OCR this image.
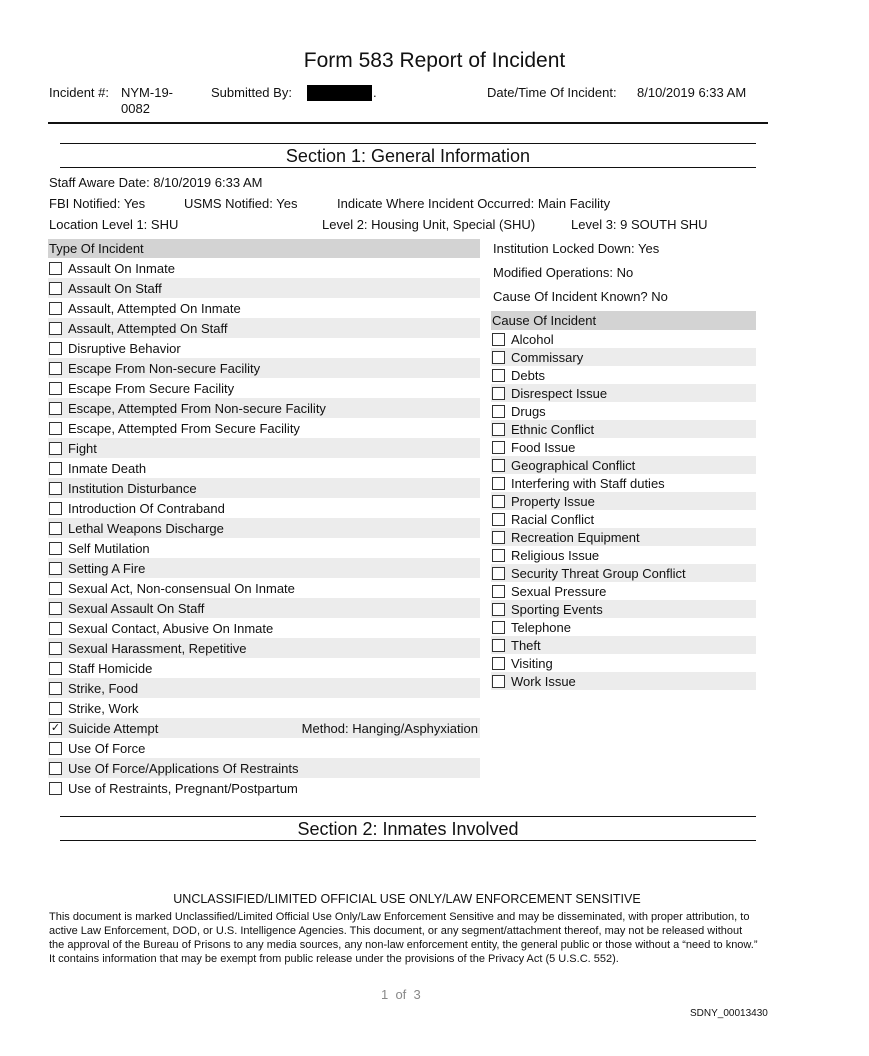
Form 583 Report of Incident
Incident #: NYM-19-
0082
Submitted By:	.	Date/Time Of Incident: 8/10/2019 6:33 AM
Section 1: General Information
Staff Aware Date: 8/10/2019 6:33 AM
FBI Notified: Yes	USMS Notified: Yes	Indicate Where Incident Occurred: Main Facility
Location Level 1: SHU	Level 2: Housing Unit, Special (SHU)	Level 3: 9 SOUTH SHU
Type Of Incident
Assault On Inmate
Assault On Staff
Assault, Attempted On Inmate
Assault, Attempted On Staff
Disruptive Behavior
Escape From Non-secure Facility
Escape From Secure Facility
Escape, Attempted From Non-secure Facility
Escape, Attempted From Secure Facility
Fight
Inmate Death
Institution Disturbance
Introduction Of Contraband
Lethal Weapons Discharge
Self Mutilation
Setting A Fire
Sexual Act, Non-consensual On Inmate
Sexual Assault On Staff
Sexual Contact, Abusive On Inmate
Sexual Harassment, Repetitive
Staff Homicide
Strike, Food
Strike, Work
✓ Suicide Attempt	Method: Hanging/Asphyxiation
Use Of Force
Use Of Force/Applications Of Restraints
Use of Restraints, Pregnant/Postpartum
Institution Locked Down: Yes
Modified Operations: No
Cause Of Incident Known? No
Cause Of Incident
Alcohol
Commissary
Debts
Disrespect Issue
Drugs
Ethnic Conflict
Food Issue
Geographical Conflict
Interfering with Staff duties
Property Issue
Racial Conflict
Recreation Equipment
Religious Issue
Security Threat Group Conflict
Sexual Pressure
Sporting Events
Telephone
Theft
Visiting
Work Issue
Section 2: Inmates Involved
UNCLASSIFIED/LIMITED OFFICIAL USE ONLY/LAW ENFORCEMENT SENSITIVE
This document is marked Unclassified/Limited Official Use Only/Law Enforcement Sensitive and may be disseminated, with proper attribution, to active Law Enforcement, DOD, or U.S. Intelligence Agencies. This document, or any segment/attachment thereof, may not be released without the approval of the Bureau of Prisons to any media sources, any non-law enforcement entity, the general public or those without a “need to know.” It contains information that may be exempt from public release under the provisions of the Privacy Act (5 U.S.C. 552).
1  of  3
SDNY_00013430
